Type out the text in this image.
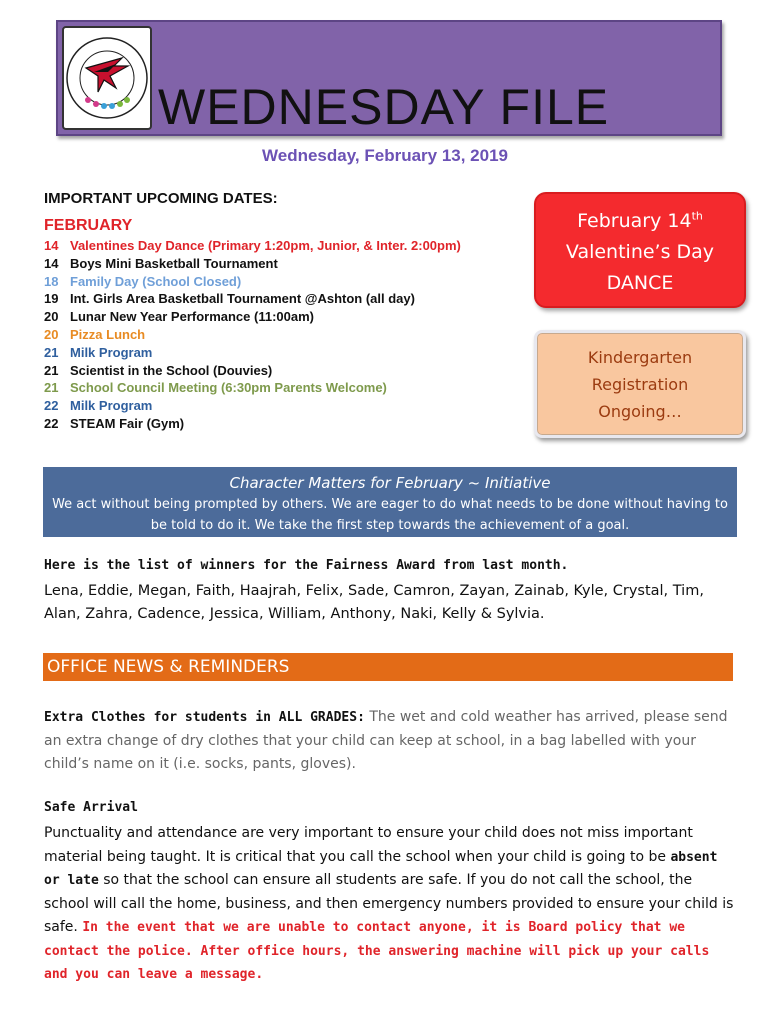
WEDNESDAY FILE
Wednesday, February 13, 2019
IMPORTANT UPCOMING DATES:
FEBRUARY
14 Valentines Day Dance (Primary 1:20pm, Junior, & Inter. 2:00pm)
14 Boys Mini Basketball Tournament
18 Family Day (School Closed)
19 Int. Girls Area Basketball Tournament @Ashton (all day)
20 Lunar New Year Performance (11:00am)
20 Pizza Lunch
21 Milk Program
21 Scientist in the School (Douvies)
21 School Council Meeting (6:30pm Parents Welcome)
22 Milk Program
22 STEAM Fair (Gym)
February 14th
Valentine’s Day
DANCE
Kindergarten
Registration
Ongoing…
Character Matters for February ~ Initiative
We act without being prompted by others. We are eager to do what needs to be done without having to be told to do it. We take the first step towards the achievement of a goal.
Here is the list of winners for the Fairness Award from last month.
Lena, Eddie, Megan, Faith, Haajrah, Felix, Sade, Camron, Zayan, Zainab, Kyle, Crystal, Tim, Alan, Zahra, Cadence, Jessica, William, Anthony, Naki, Kelly & Sylvia.
OFFICE NEWS & REMINDERS
Extra Clothes for students in ALL GRADES: The wet and cold weather has arrived, please send an extra change of dry clothes that your child can keep at school, in a bag labelled with your child’s name on it (i.e. socks, pants, gloves).
Safe Arrival
Punctuality and attendance are very important to ensure your child does not miss important material being taught. It is critical that you call the school when your child is going to be absent or late so that the school can ensure all students are safe. If you do not call the school, the school will call the home, business, and then emergency numbers provided to ensure your child is safe. In the event that we are unable to contact anyone, it is Board policy that we contact the police. After office hours, the answering machine will pick up your calls and you can leave a message.
